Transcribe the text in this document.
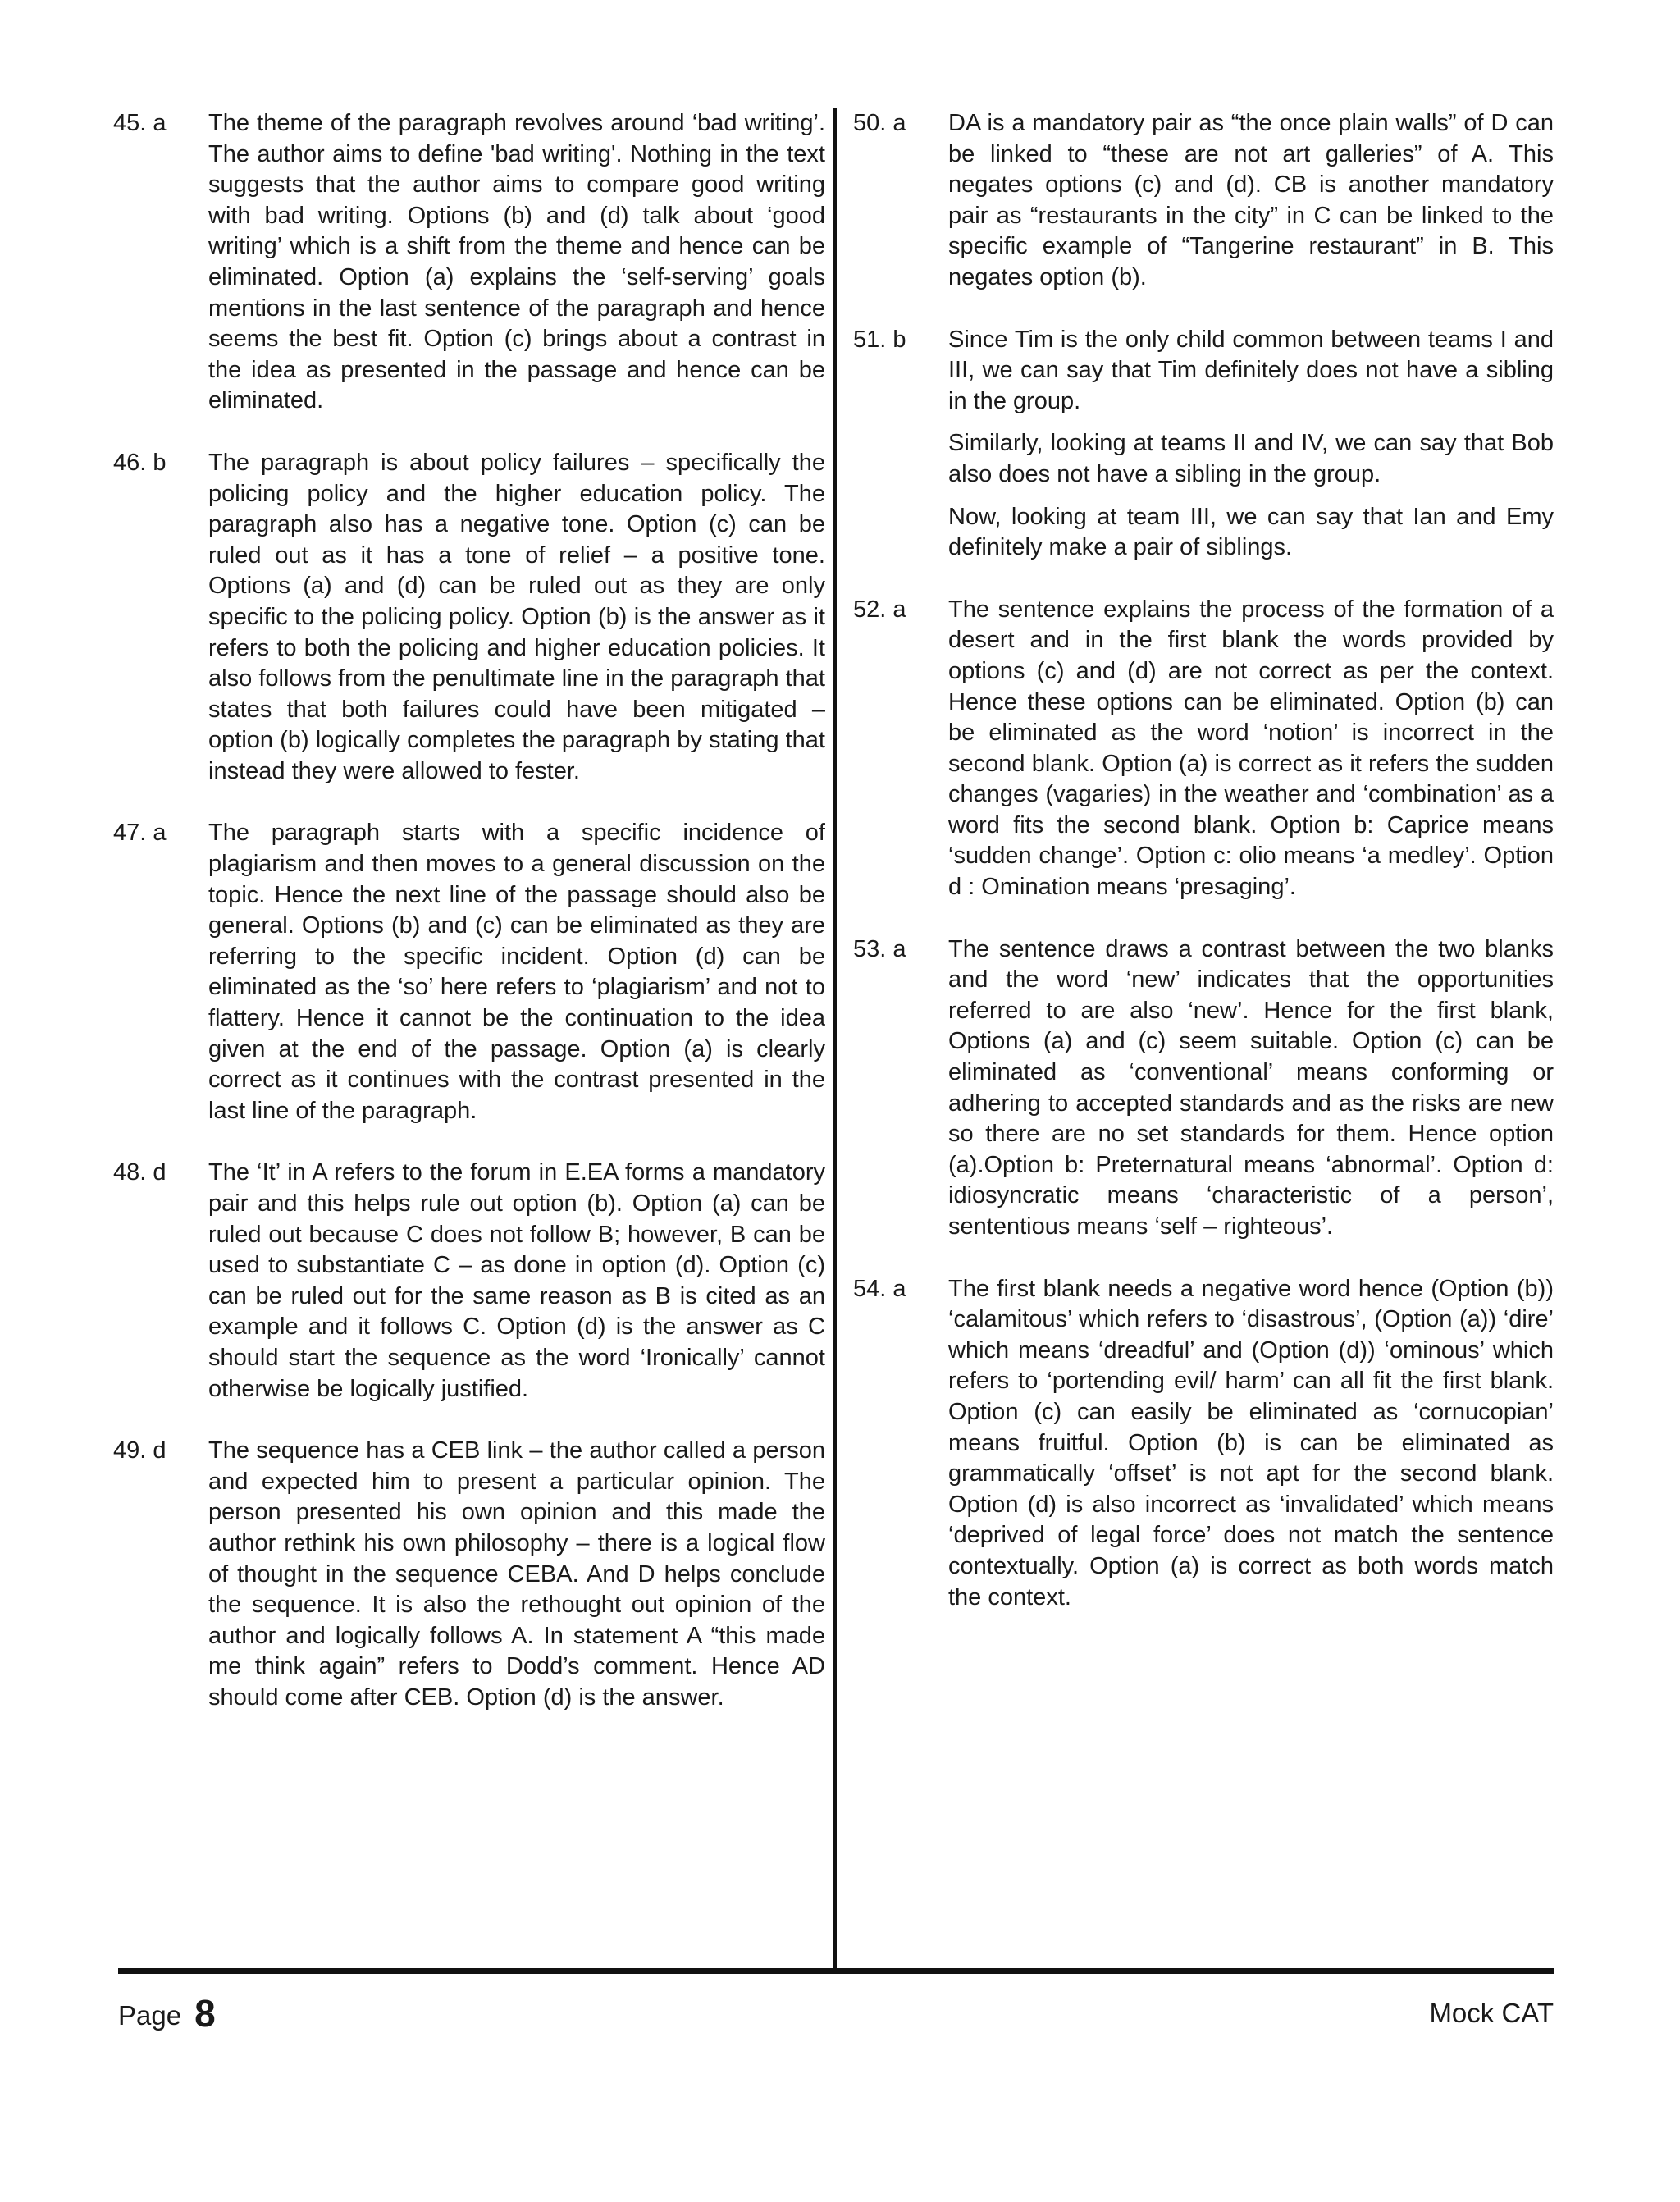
45. a	The theme of the paragraph revolves around ‘bad writing’. The author aims to define 'bad writing'. Nothing in the text suggests that the author aims to compare good writing with bad writing. Options (b) and (d) talk about ‘good writing’ which is a shift from the theme and hence can be eliminated. Option (a) explains the ‘self-serving’ goals mentions in the last sentence of the paragraph and hence seems the best fit. Option (c) brings about a contrast in the idea as presented in the passage and hence can be eliminated.

46. b	The paragraph is about policy failures – specifically the policing policy and the higher education policy. The paragraph also has a negative tone. Option (c) can be ruled out as it has a tone of relief – a positive tone. Options (a) and (d) can be ruled out as they are only specific to the policing policy. Option (b) is the answer as it refers to both the policing and higher education policies. It also follows from the penultimate line in the paragraph that states that both failures could have been mitigated – option (b) logically completes the paragraph by stating that instead they were allowed to fester.

47. a	The paragraph starts with a specific incidence of plagiarism and then moves to a general discussion on the topic. Hence the next line of the passage should also be general. Options (b) and (c) can be eliminated as they are referring to the specific incident. Option (d) can be eliminated as the ‘so’ here refers to ‘plagiarism’ and not to flattery. Hence it cannot be the continuation to the idea given at the end of the passage. Option (a) is clearly correct as it continues with the contrast presented in the last line of the paragraph.

48. d	The ‘It’ in A refers to the forum in E.EA forms a mandatory pair and this helps rule out option (b). Option (a) can be ruled out because C does not follow B; however, B can be used to substantiate C – as done in option (d). Option (c) can be ruled out for the same reason as B is cited as an example and it follows C. Option (d) is the answer as C should start the sequence as the word ‘Ironically’ cannot otherwise be logically justified.

49. d	The sequence has a CEB link – the author called a person and expected him to present a particular opinion. The person presented his own opinion and this made the author rethink his own philosophy – there is a logical flow of thought in the sequence CEBA. And D helps conclude the sequence. It is also the rethought out opinion of the author and logically follows A. In statement A “this made me think again” refers to Dodd’s comment. Hence AD should come after CEB. Option (d) is the answer.

50. a	DA is a mandatory pair as “the once plain walls” of D can be linked to “these are not art galleries” of A. This negates options (c) and (d). CB is another mandatory pair as “restaurants in the city” in C can be linked to the specific example of “Tangerine restaurant” in B. This negates option (b).

51. b	Since Tim is the only child common between teams I and III, we can say that Tim definitely does not have a sibling in the group.

Similarly, looking at teams II and IV, we can say that Bob also does not have a sibling in the group.

Now, looking at team III, we can say that Ian and Emy definitely make a pair of siblings.

52. a	The sentence explains the process of the formation of a desert and in the first blank the words provided by options (c) and (d) are not correct as per the context. Hence these options can be eliminated. Option (b) can be eliminated as the word ‘notion’ is incorrect in the second blank. Option (a) is correct as it refers the sudden changes (vagaries) in the weather and ‘combination’ as a word fits the second blank. Option b: Caprice means ‘sudden change’. Option c: olio means ‘a medley’. Option d : Omination means ‘presaging’.

53. a	The sentence draws a contrast between the two blanks and the word ‘new’ indicates that the opportunities referred to are also ‘new’. Hence for the first blank, Options (a) and (c) seem suitable. Option (c) can be eliminated as ‘conventional’ means conforming or adhering to accepted standards and as the risks are new so there are no set standards for them. Hence option (a).Option b: Preternatural means ‘abnormal’. Option d: idiosyncratic means ‘characteristic of a person’, sententious means ‘self – righteous’.

54. a	The first blank needs a negative word hence (Option (b)) ‘calamitous’ which refers to ‘disastrous’, (Option (a)) ‘dire’ which means ‘dreadful’ and (Option (d)) ‘ominous’ which refers to ‘portending evil/ harm’ can all fit the first blank. Option (c) can easily be eliminated as ‘cornucopian’ means fruitful. Option (b) is can be eliminated as grammatically ‘offset’ is not apt for the second blank. Option (d) is also incorrect as ‘invalidated’ which means ‘deprived of legal force’ does not match the sentence contextually. Option (a) is correct as both words match the context.

Page 8	Mock CAT
